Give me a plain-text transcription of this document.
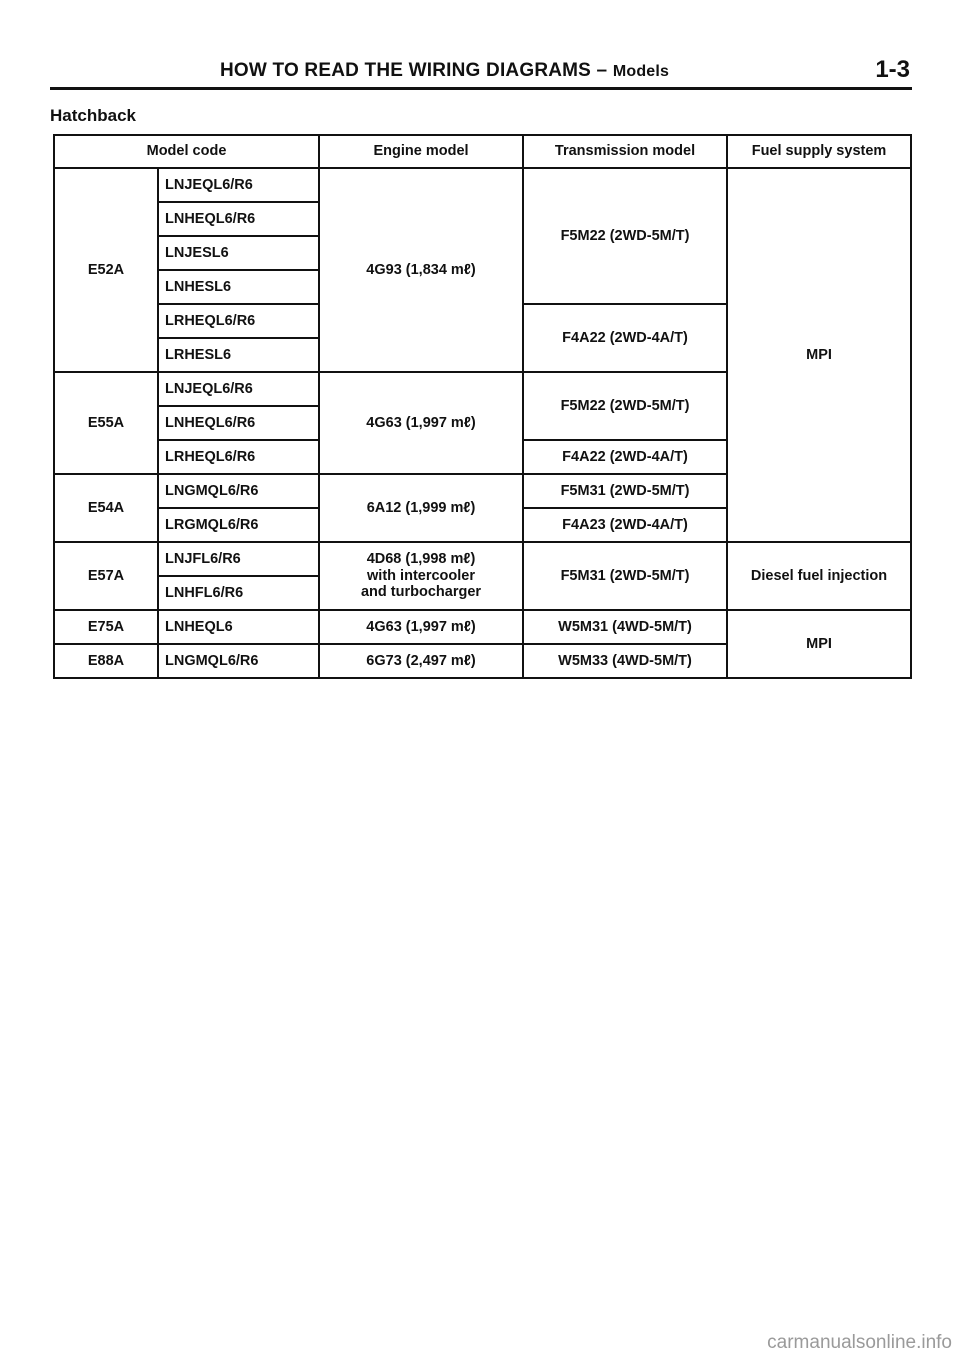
HOW TO READ THE WIRING DIAGRAMS – Models	1-3
Hatchback
Model code		Engine model	Transmission model	Fuel supply system
E52A	LNJEQL6/R6	4G93 (1,834 mℓ)	F5M22 (2WD-5M/T)	MPI
	LNHEQL6/R6			
	LNJESL6			
	LNHESL6			
	LRHEQL6/R6		F4A22 (2WD-4A/T)	
	LRHESL6			
E55A	LNJEQL6/R6	4G63 (1,997 mℓ)	F5M22 (2WD-5M/T)	
	LNHEQL6/R6			
	LRHEQL6/R6		F4A22 (2WD-4A/T)	
E54A	LNGMQL6/R6	6A12 (1,999 mℓ)	F5M31 (2WD-5M/T)	
	LRGMQL6/R6		F4A23 (2WD-4A/T)	
E57A	LNJFL6/R6	4D68 (1,998 mℓ)
with intercooler
and turbocharger	F5M31 (2WD-5M/T)	Diesel fuel injection
	LNHFL6/R6			
E75A	LNHEQL6	4G63 (1,997 mℓ)	W5M31 (4WD-5M/T)	MPI
E88A	LNGMQL6/R6	6G73 (2,497 mℓ)	W5M33 (4WD-5M/T)	
carmanualsonline.info
